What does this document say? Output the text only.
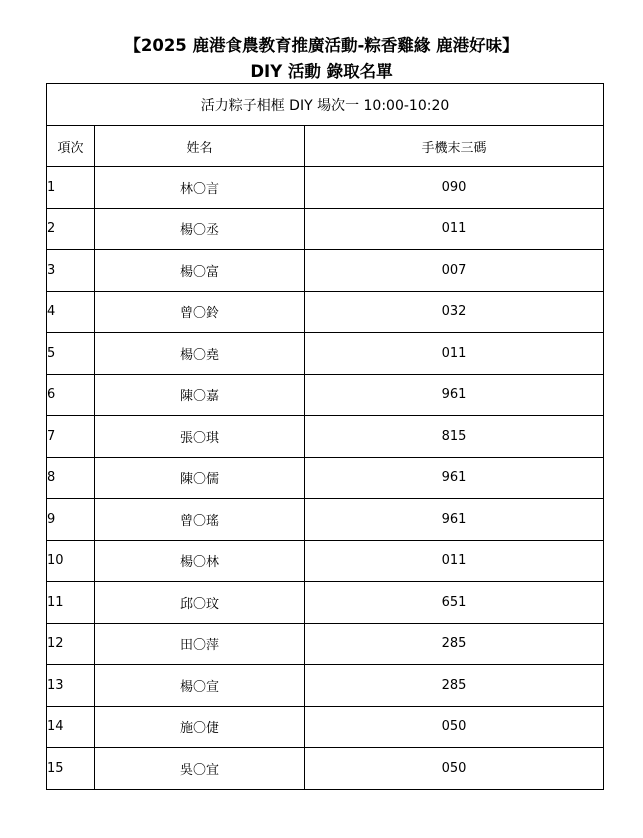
【2025 鹿港食農教育推廣活動-粽香雞緣 鹿港好味】
DIY 活動 錄取名單
活力粽子相框 DIY 場次一 10:00-10:20		
項次	姓名	手機末三碼
1	林〇言	090
2	楊〇丞	011
3	楊〇富	007
4	曾〇鈴	032
5	楊〇堯	011
6	陳〇嘉	961
7	張〇琪	815
8	陳〇儒	961
9	曾〇瑤	961
10	楊〇林	011
11	邱〇玟	651
12	田〇萍	285
13	楊〇宣	285
14	施〇倢	050
15	吳〇宜	050
